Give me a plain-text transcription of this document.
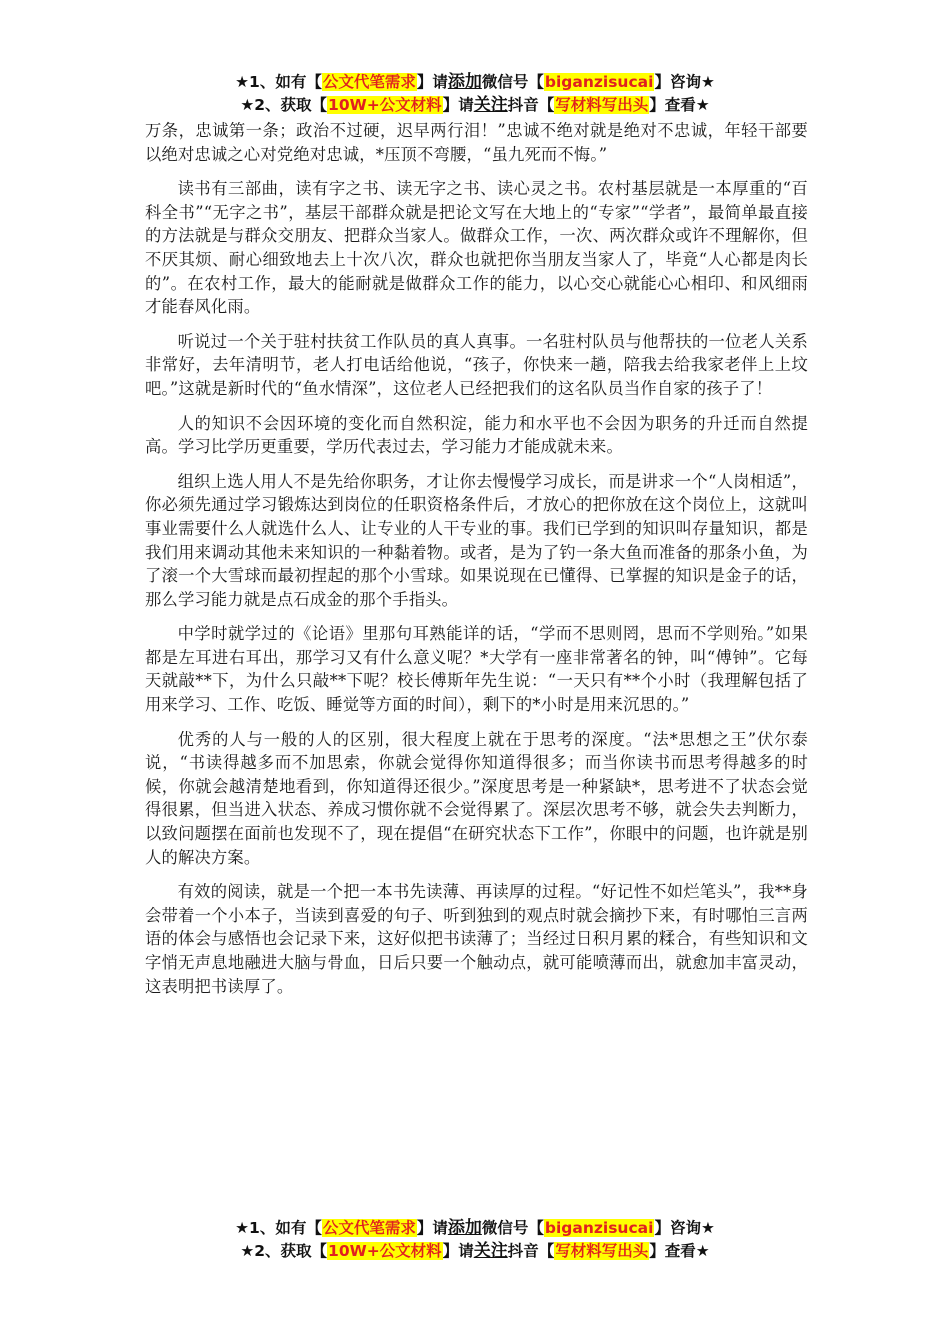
★1、如有【公文代笔需求】请添加微信号【biganzisucai】咨询★
★2、获取【10W+公文材料】请关注抖音【写材料写出头】查看★

万条，忠诚第一条；政治不过硬，迟早两行泪！”忠诚不绝对就是绝对不忠诚，年轻干部要以绝对忠诚之心对党绝对忠诚，*压顶不弯腰，“虽九死而不悔。”

读书有三部曲，读有字之书、读无字之书、读心灵之书。农村基层就是一本厚重的“百科全书”“无字之书”，基层干部群众就是把论文写在大地上的“专家”“学者”，最简单最直接的方法就是与群众交朋友、把群众当家人。做群众工作，一次、两次群众或许不理解你，但不厌其烦、耐心细致地去上十次八次，群众也就把你当朋友当家人了，毕竟“人心都是肉长的”。在农村工作，最大的能耐就是做群众工作的能力，以心交心就能心心相印、和风细雨才能春风化雨。

听说过一个关于驻村扶贫工作队员的真人真事。一名驻村队员与他帮扶的一位老人关系非常好，去年清明节，老人打电话给他说，“孩子，你快来一趟，陪我去给我家老伴上上坟吧。”这就是新时代的“鱼水情深”，这位老人已经把我们的这名队员当作自家的孩子了！

人的知识不会因环境的变化而自然积淀，能力和水平也不会因为职务的升迁而自然提高。学习比学历更重要，学历代表过去，学习能力才能成就未来。

组织上选人用人不是先给你职务，才让你去慢慢学习成长，而是讲求一个“人岗相适”，你必须先通过学习锻炼达到岗位的任职资格条件后，才放心的把你放在这个岗位上，这就叫事业需要什么人就选什么人、让专业的人干专业的事。我们已学到的知识叫存量知识，都是我们用来调动其他未来知识的一种黏着物。或者，是为了钓一条大鱼而准备的那条小鱼，为了滚一个大雪球而最初捏起的那个小雪球。如果说现在已懂得、已掌握的知识是金子的话，那么学习能力就是点石成金的那个手指头。

中学时就学过的《论语》里那句耳熟能详的话，“学而不思则罔，思而不学则殆。”如果都是左耳进右耳出，那学习又有什么意义呢？*大学有一座非常著名的钟，叫“傅钟”。它每天就敲**下，为什么只敲**下呢？校长傅斯年先生说：“一天只有**个小时（我理解包括了用来学习、工作、吃饭、睡觉等方面的时间），剩下的*小时是用来沉思的。”

优秀的人与一般的人的区别，很大程度上就在于思考的深度。“法*思想之王”伏尔泰说，“书读得越多而不加思索，你就会觉得你知道得很多；而当你读书而思考得越多的时候，你就会越清楚地看到，你知道得还很少。”深度思考是一种紧缺*，思考进不了状态会觉得很累，但当进入状态、养成习惯你就不会觉得累了。深层次思考不够，就会失去判断力，以致问题摆在面前也发现不了，现在提倡“在研究状态下工作”，你眼中的问题，也许就是别人的解决方案。

有效的阅读，就是一个把一本书先读薄、再读厚的过程。“好记性不如烂笔头”，我**身会带着一个小本子，当读到喜爱的句子、听到独到的观点时就会摘抄下来，有时哪怕三言两语的体会与感悟也会记录下来，这好似把书读薄了；当经过日积月累的糅合，有些知识和文字悄无声息地融进大脑与骨血，日后只要一个触动点，就可能喷薄而出，就愈加丰富灵动，这表明把书读厚了。

★1、如有【公文代笔需求】请添加微信号【biganzisucai】咨询★
★2、获取【10W+公文材料】请关注抖音【写材料写出头】查看★
